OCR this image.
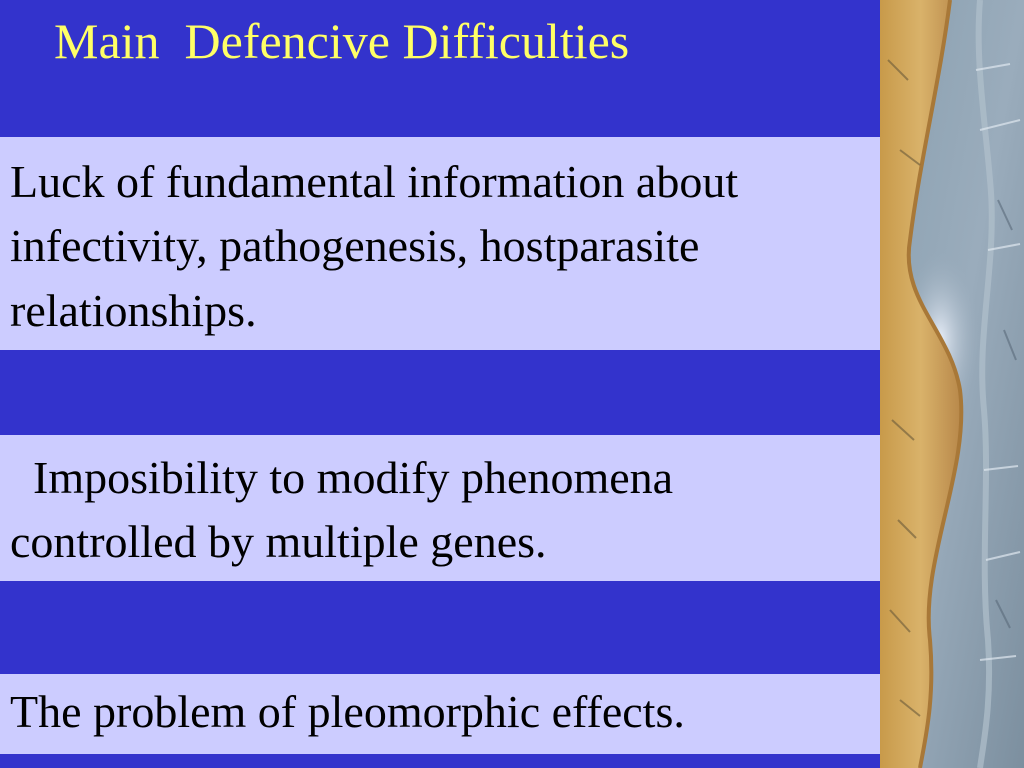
Main  Defencive Difficulties
Luck of fundamental information about
infectivity, pathogenesis, hostparasite
relationships.
Imposibility to modify phenomena
controlled by multiple genes.
The problem of pleomorphic effects.
